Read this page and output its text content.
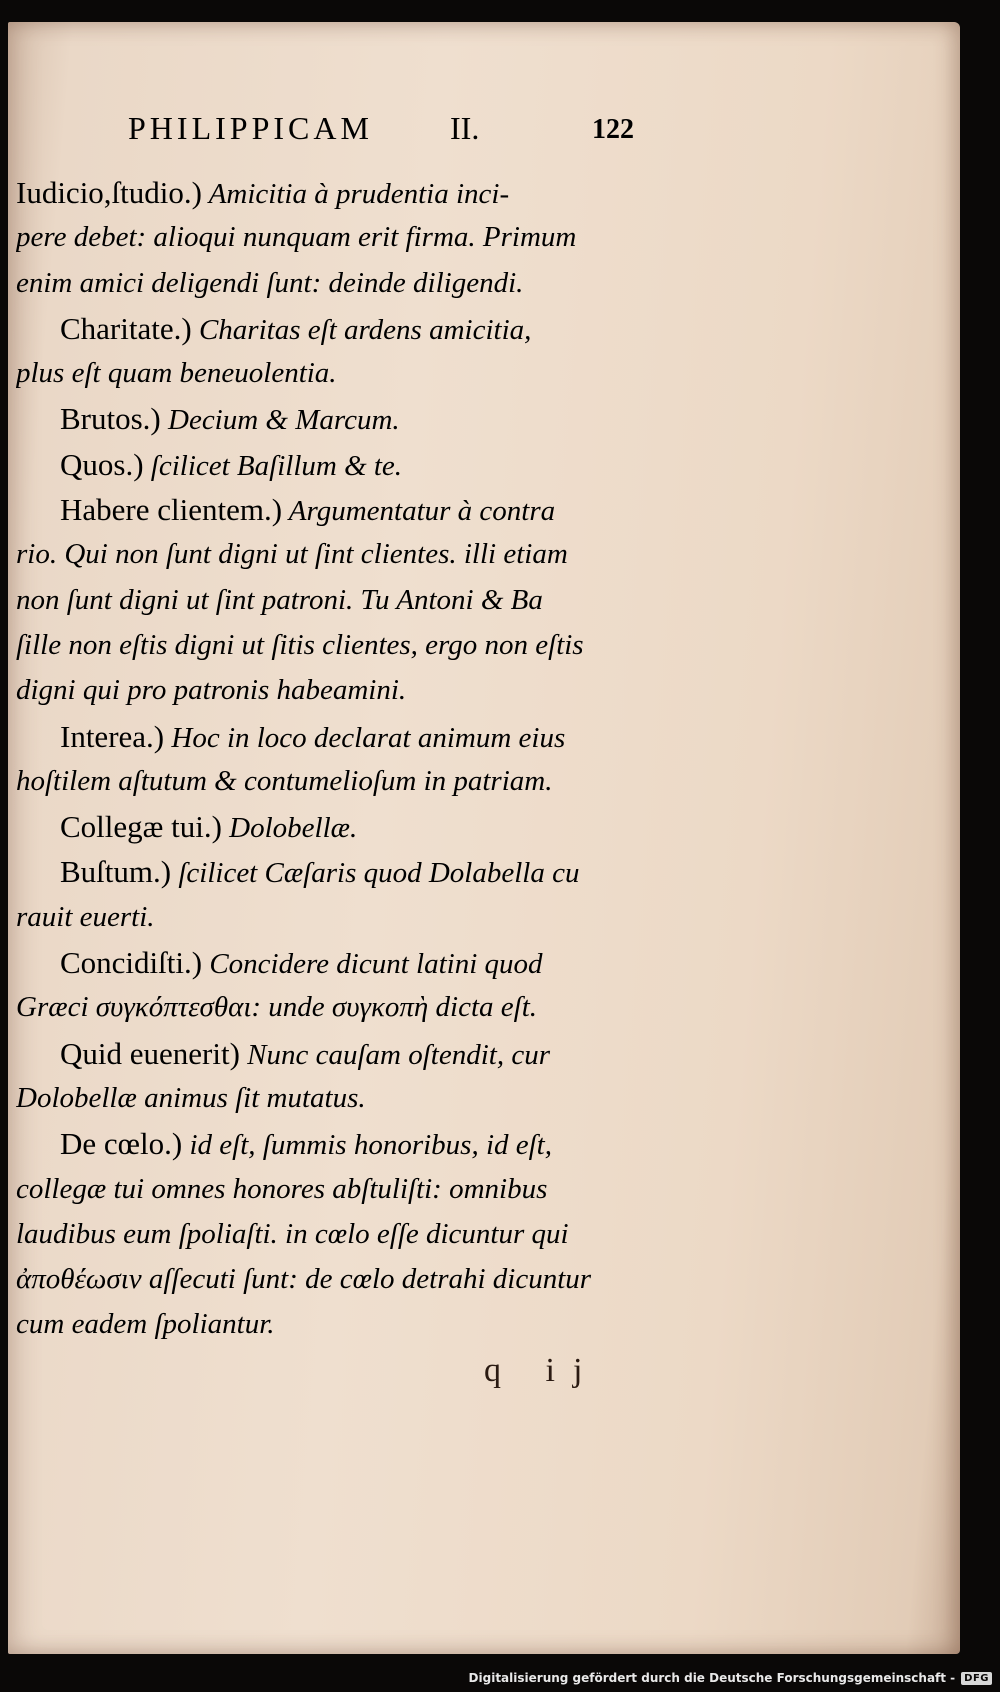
PHILIPPICAM II.	122
Iudicio,ſtudio.) Amicitia à prudentia inci-
pere debet: alioqui nunquam erit firma. Primum
enim amici deligendi ſunt: deinde diligendi.
Charitate.) Charitas eſt ardens amicitia,
plus eſt quam beneuolentia.
Brutos.) Decium & Marcum.
Quos.) ſcilicet Baſillum & te.
Habere clientem.) Argumentatur à contra
rio. Qui non ſunt digni ut ſint clientes. illi etiam
non ſunt digni ut ſint patroni. Tu Antoni & Ba
ſille non eſtis digni ut ſitis clientes, ergo non eſtis
digni qui pro patronis habeamini.
Interea.) Hoc in loco declarat animum eius
hoſtilem aſtutum & contumelioſum in patriam.
Collegæ tui.) Dolobellæ.
Buſtum.) ſcilicet Cæſaris quod Dolabella cu
rauit euerti.
Concidiſti.) Concidere dicunt latini quod
Græci συγκόπτεσθαι: unde συγκοπὴ dicta eſt.
Quid euenerit) Nunc cauſam oſtendit, cur
Dolobellæ animus ſit mutatus.
De cœlo.) id eſt, ſummis honoribus, id eſt,
collegæ tui omnes honores abſtuliſti: omnibus
laudibus eum ſpoliaſti. in cœlo eſſe dicuntur qui
ἀποθέωσιν aſſecuti ſunt: de cœlo detrahi dicuntur
cum eadem ſpoliantur.
q ij
Digitalisierung gefördert durch die Deutsche Forschungsgemeinschaft - DFG
